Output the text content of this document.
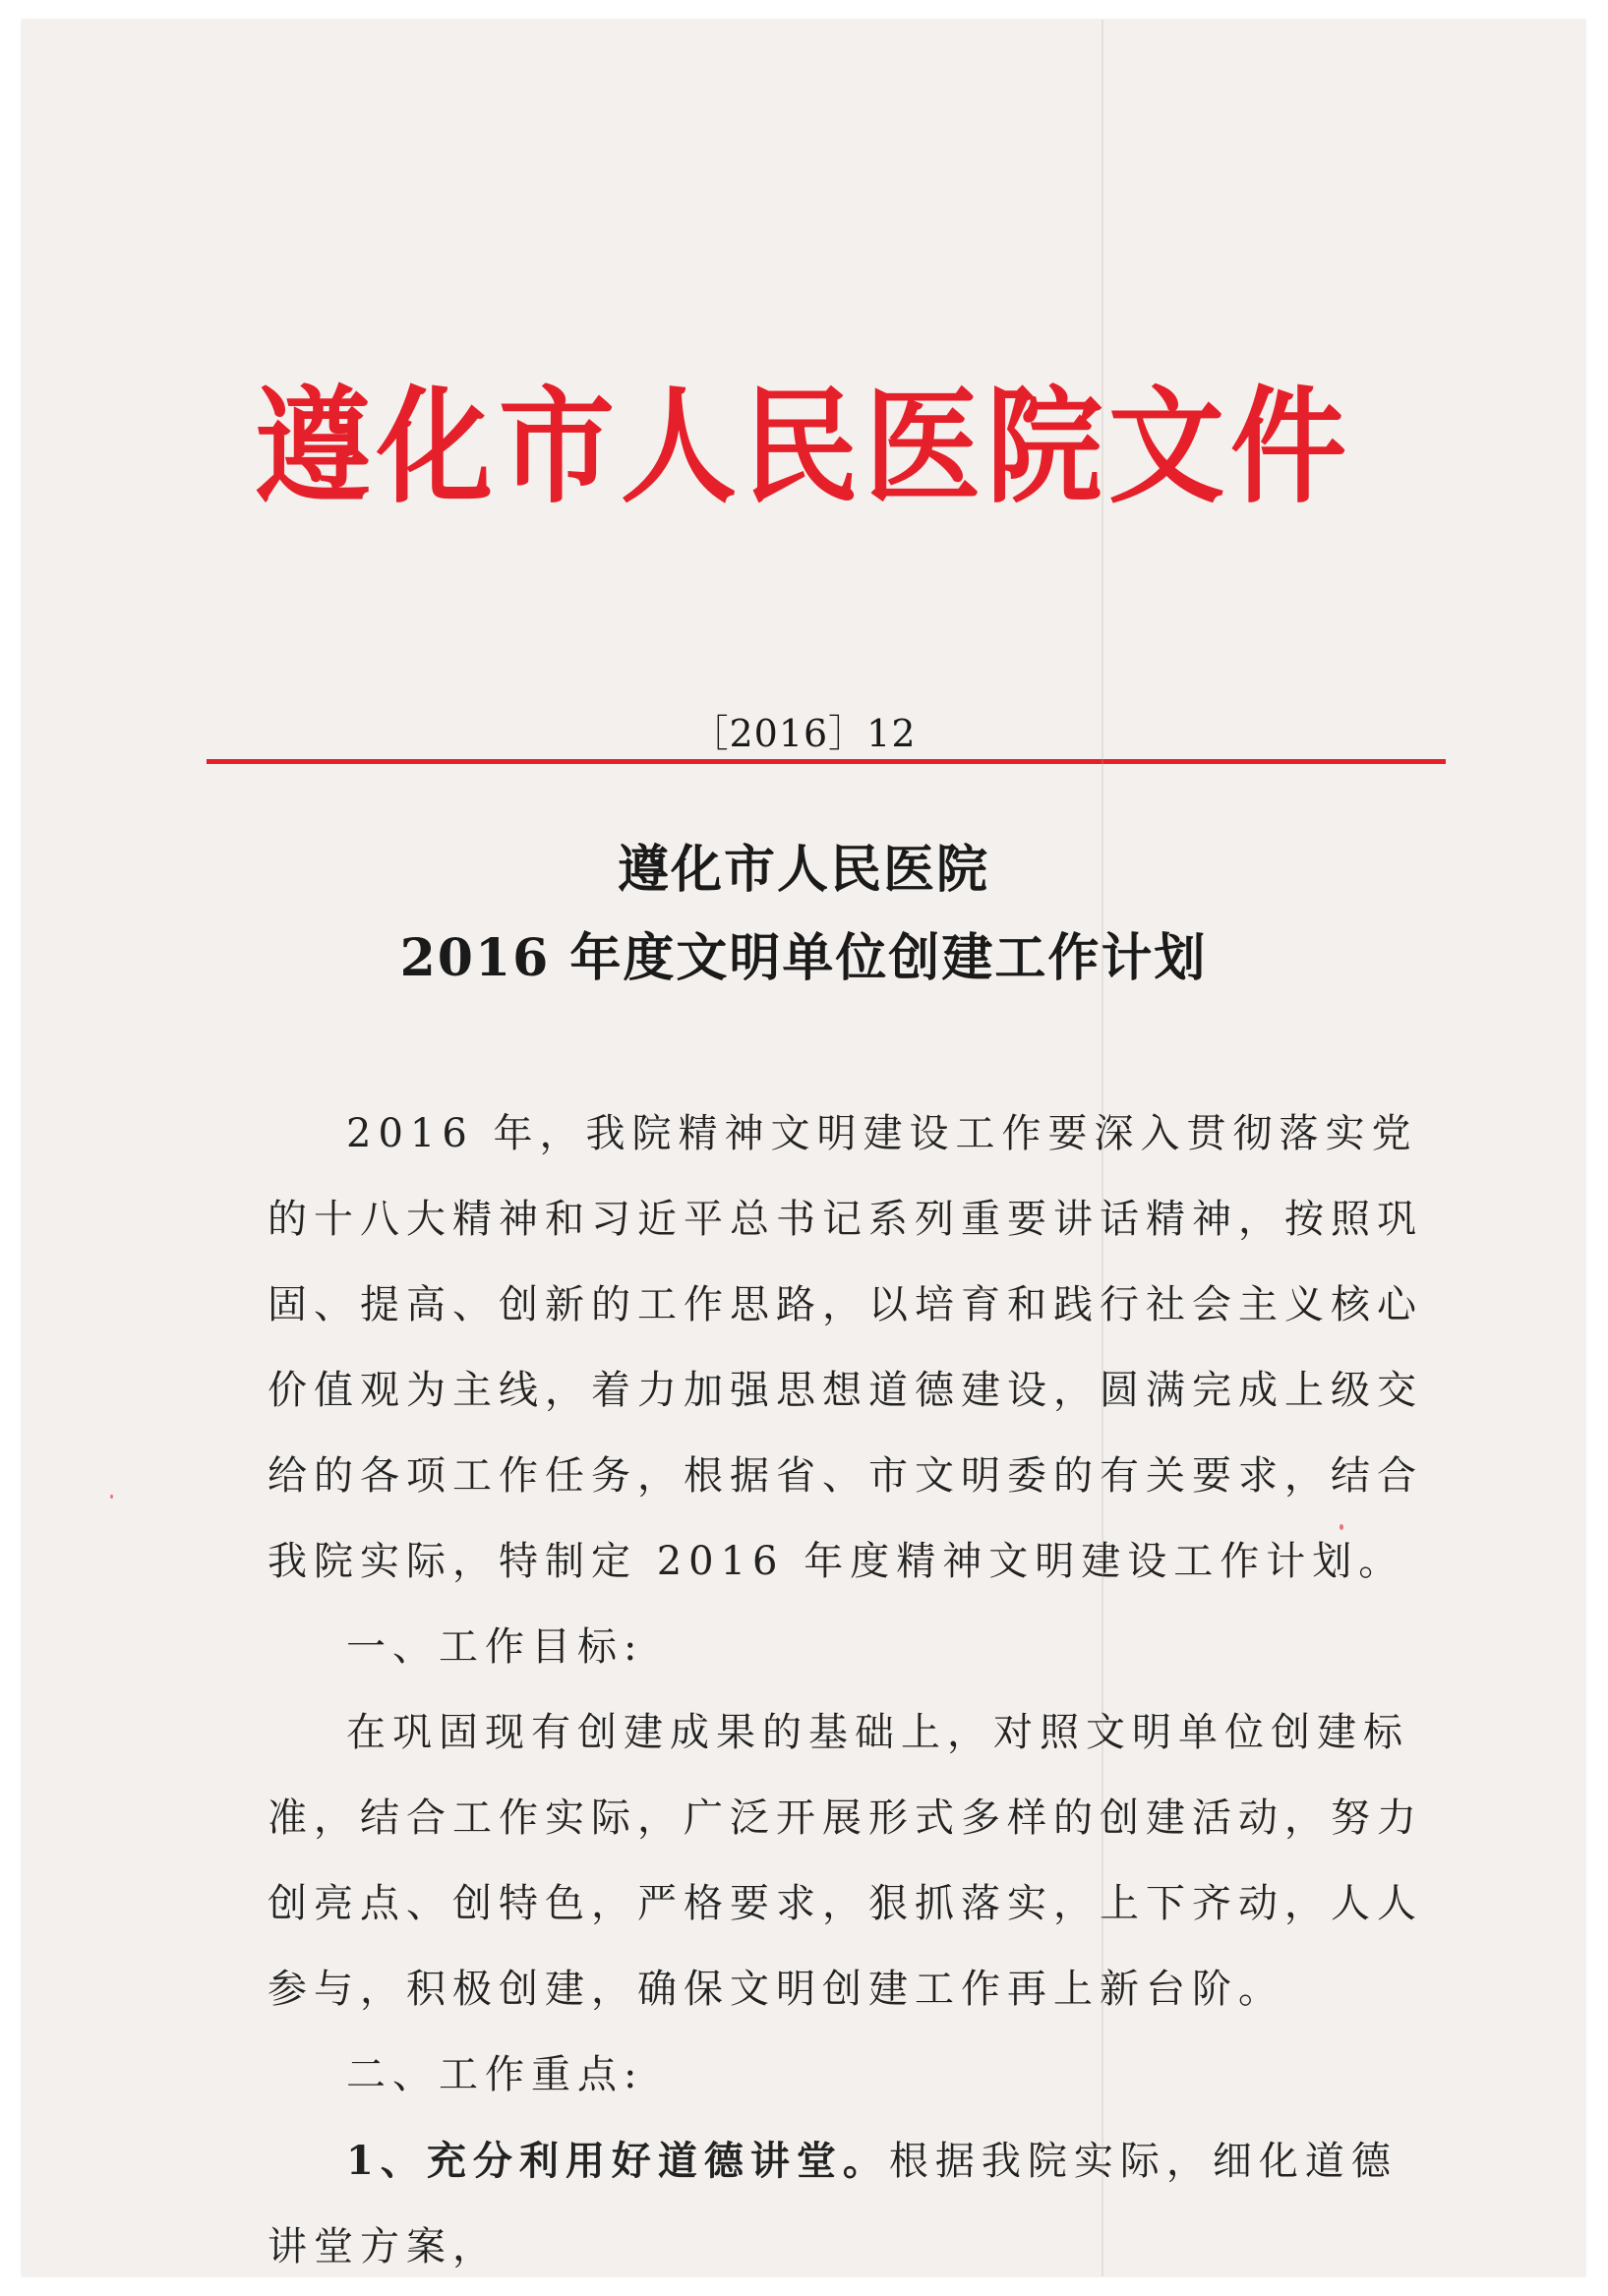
遵化市人民医院文件
［2016］12
遵化市人民医院
2016 年度文明单位创建工作计划

2016 年，我院精神文明建设工作要深入贯彻落实党的十八大精神和习近平总书记系列重要讲话精神，按照巩固、提高、创新的工作思路，以培育和践行社会主义核心价值观为主线，着力加强思想道德建设，圆满完成上级交给的各项工作任务，根据省、市文明委的有关要求，结合我院实际，特制定 2016 年度精神文明建设工作计划。

一、工作目标:

在巩固现有创建成果的基础上，对照文明单位创建标准，结合工作实际，广泛开展形式多样的创建活动，努力创亮点、创特色，严格要求，狠抓落实，上下齐动，人人参与，积极创建，确保文明创建工作再上新台阶。

二、工作重点:

1、充分利用好道德讲堂。根据我院实际，细化道德讲堂方案，
